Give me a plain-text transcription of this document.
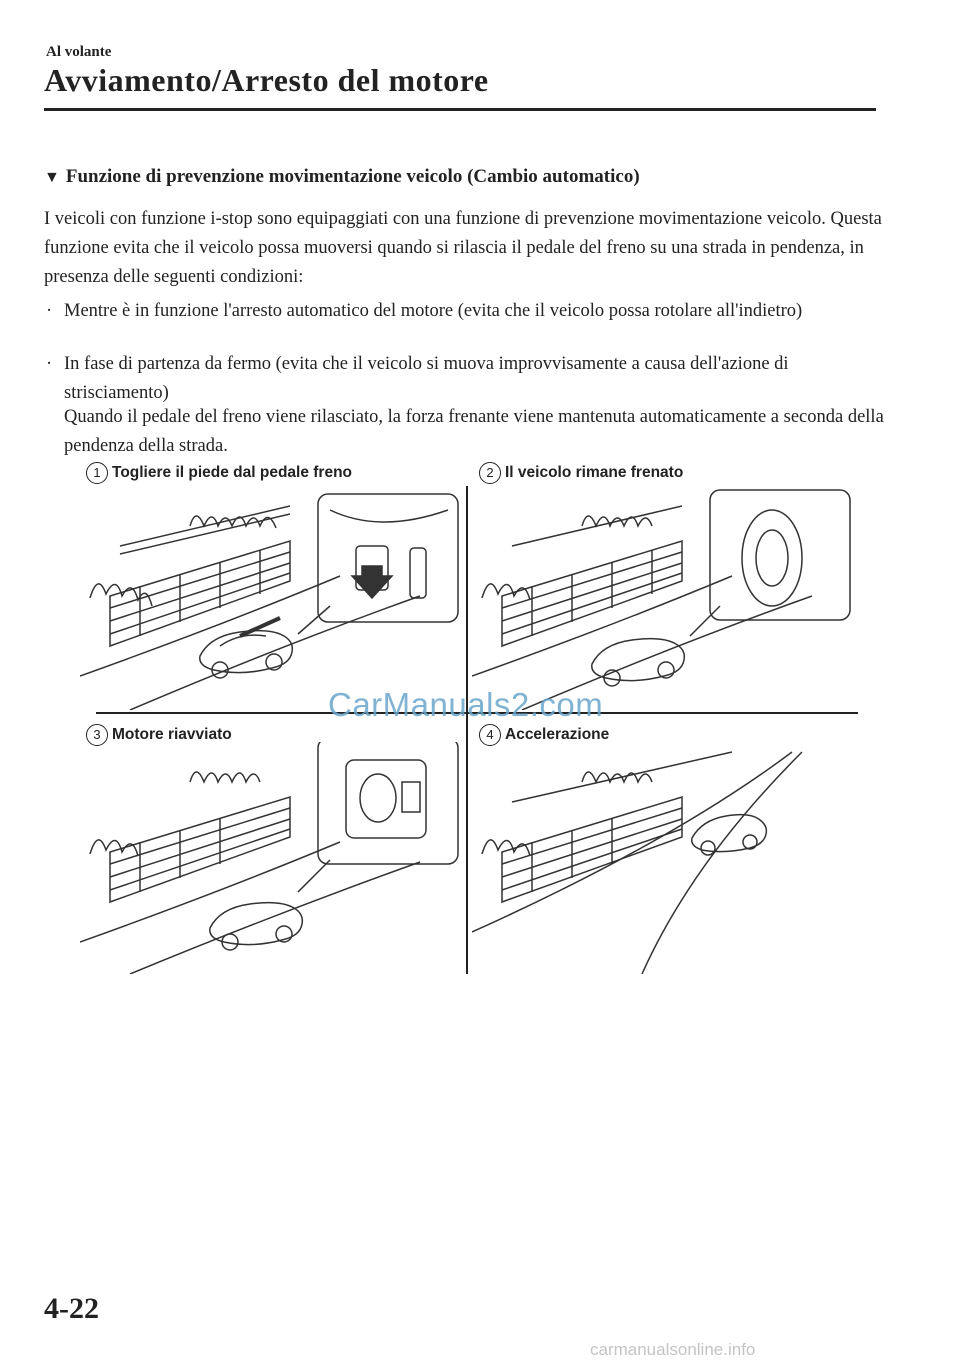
Al volante
Avviamento/Arresto del motore
▼ Funzione di prevenzione movimentazione veicolo (Cambio automatico)
I veicoli con funzione i-stop sono equipaggiati con una funzione di prevenzione movimentazione veicolo. Questa funzione evita che il veicolo possa muoversi quando si rilascia il pedale del freno su una strada in pendenza, in presenza delle seguenti condizioni:
· Mentre è in funzione l'arresto automatico del motore (evita che il veicolo possa rotolare all'indietro)
· In fase di partenza da fermo (evita che il veicolo si muova improvvisamente a causa dell'azione di strisciamento)
Quando il pedale del freno viene rilasciato, la forza frenante viene mantenuta automaticamente a seconda della pendenza della strada.
1 Togliere il piede dal pedale freno	2 Il veicolo rimane frenato
3 Motore riavviato	4 Accelerazione
CarManuals2.com
4-22
carmanualsonline.info
